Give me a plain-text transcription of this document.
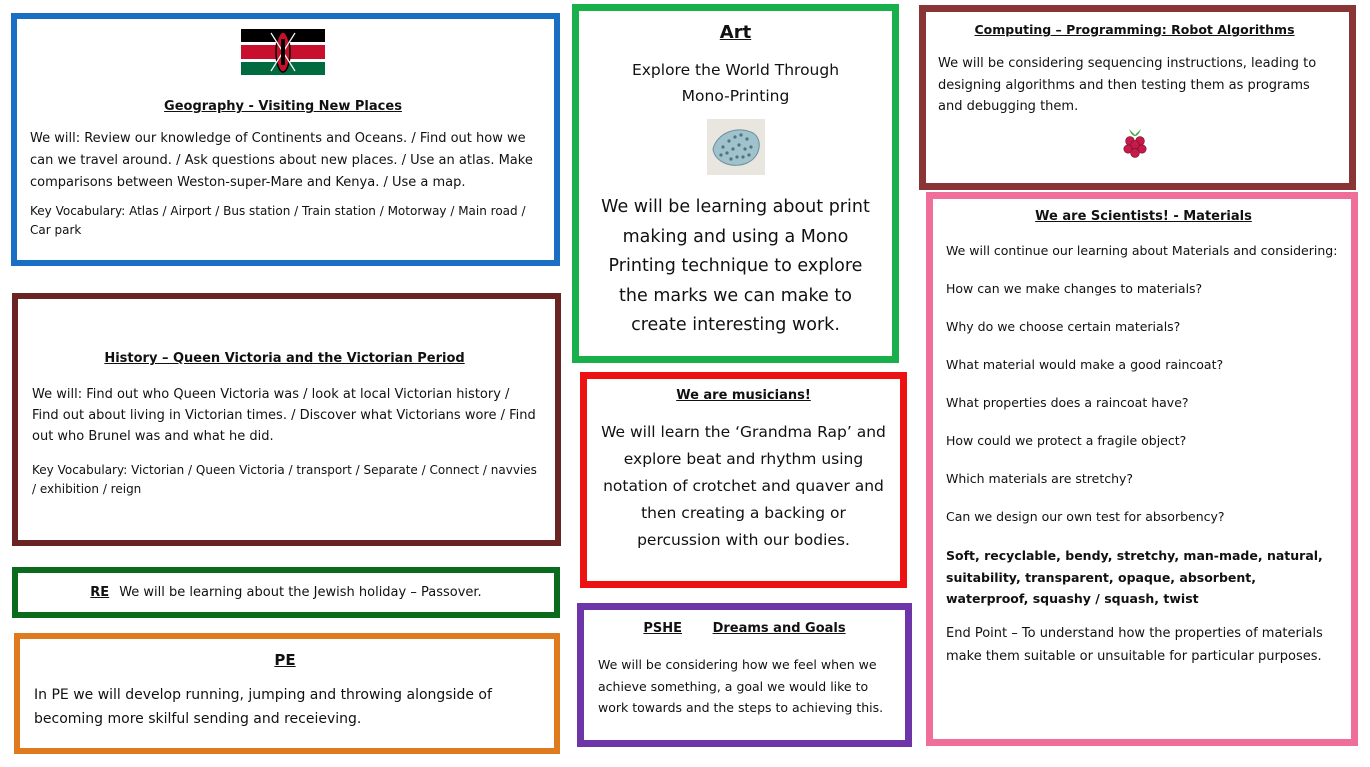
Geography - Visiting New Places

We will: Review our knowledge of Continents and Oceans. / Find out how we can we travel around. / Ask questions about new places. / Use an atlas. Make comparisons between Weston-super-Mare and Kenya. / Use a map.

Key Vocabulary: Atlas / Airport / Bus station / Train station / Motorway / Main road / Car park

History – Queen Victoria and the Victorian Period

We will: Find out who Queen Victoria was / look at local Victorian history / Find out about living in Victorian times. / Discover what Victorians wore / Find out who Brunel was and what he did.

Key Vocabulary: Victorian / Queen Victoria / transport / Separate / Connect / navvies / exhibition / reign

RE We will be learning about the Jewish holiday – Passover.
PE

In PE we will develop running, jumping and throwing alongside of becoming more skilful sending and receieving.

Art

Explore the World Through Mono-Printing

We will be learning about print making and using a Mono Printing technique to explore the marks we can make to create interesting work.

We are musicians!

We will learn the ‘Grandma Rap’ and explore beat and rhythm using notation of crotchet and quaver and then creating a backing or percussion with our bodies.

PSHE Dreams and Goals

We will be considering how we feel when we achieve something, a goal we would like to work towards and the steps to achieving this.

Computing – Programming: Robot Algorithms

We will be considering sequencing instructions, leading to designing algorithms and then testing them as programs and debugging them.

We are Scientists! - Materials

We will continue our learning about Materials and considering:

How can we make changes to materials?

Why do we choose certain materials?

What material would make a good raincoat?

What properties does a raincoat have?

How could we protect a fragile object?

Which materials are stretchy?

Can we design our own test for absorbency?

Soft, recyclable, bendy, stretchy, man-made, natural, suitability, transparent, opaque, absorbent, waterproof, squashy / squash, twist

End Point – To understand how the properties of materials make them suitable or unsuitable for particular purposes.
